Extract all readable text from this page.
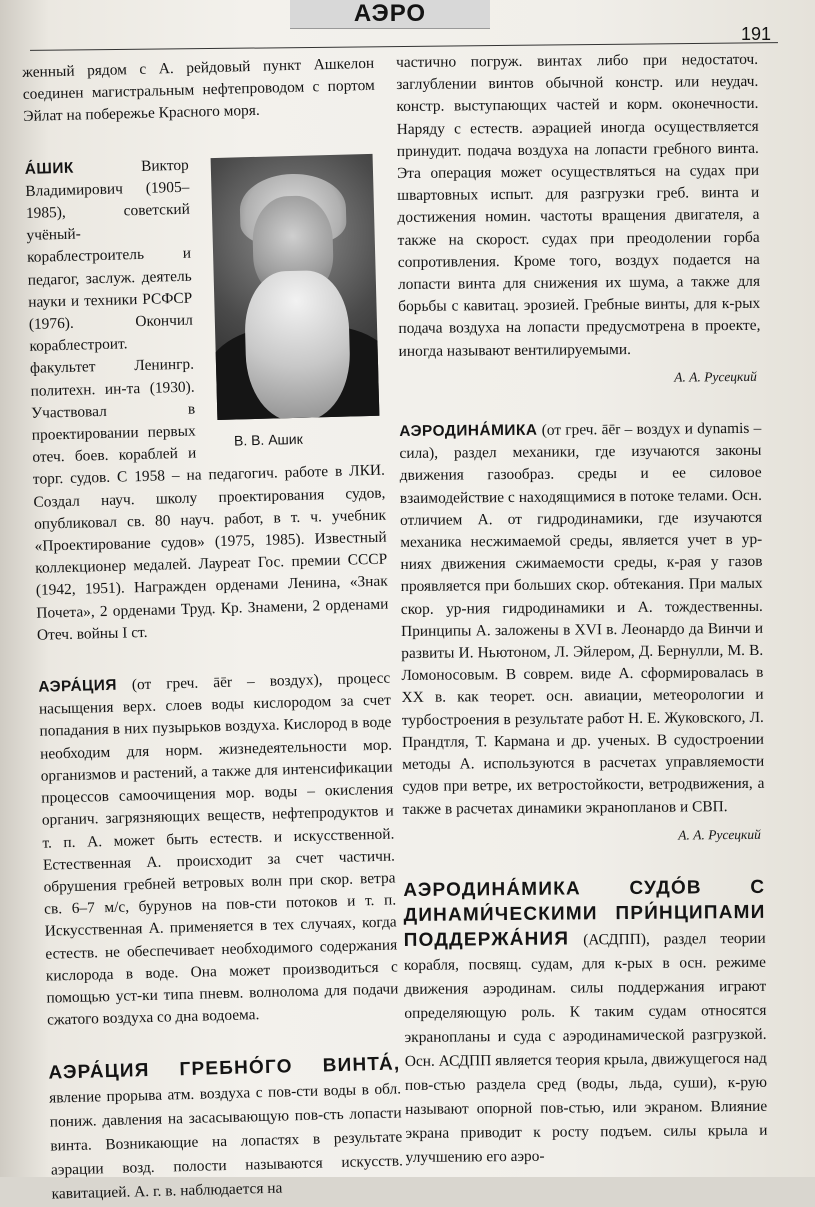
АЭРО
191

женный рядом с А. рейдовый пункт Ашкелон соединен магистральным нефтепроводом с портом Эйлат на побережье Красного моря.

В. В. Ашик

А́ШИК	Виктор Владимирович (1905–1985), советский учёный-кораблестроитель и педагог, заслуж. деятель науки и техники РСФСР (1976). Окончил кораблестроит. факультет Ленингр. политехн. ин-та (1930). Участвовал в проектировании первых отеч. боев. кораблей и торг. судов. С 1958 – на педагогич. работе в ЛКИ. Создал науч. школу проектирования судов, опубликовал св. 80 науч. работ, в т. ч. учебник «Проектирование судов» (1975, 1985). Известный коллекционер медалей. Лауреат Гос. премии СССР (1942, 1951). Награжден орденами Ленина, «Знак Почета», 2 орденами Труд. Кр. Знамени, 2 орденами Отеч. войны I ст.

АЭРА́ЦИЯ (от греч. āēr – воздух), процесс насыщения верх. слоев воды кислородом за счет попадания в них пузырьков воздуха. Кислород в воде необходим для норм. жизнедеятельности мор. организмов и растений, а также для интенсификации процессов самоочищения мор. воды – окисления органич. загрязняющих веществ, нефтепродуктов и т. п. А. может быть естеств. и искусственной. Естественная А. происходит за счет частичн. обрушения гребней ветровых волн при скор. ветра св. 6–7 м/с, бурунов на пов-сти потоков и т. п. Искусственная А. применяется в тех случаях, когда естеств. не обеспечивает необходимого содержания кислорода в воде. Она может производиться с помощью уст-ки типа пневм. волнолома для подачи сжатого воздуха со дна водоема.

АЭРА́ЦИЯ ГРЕБНО́ГО ВИНТА́, явление прорыва атм. воздуха с пов-сти воды в обл. пониж. давления на засасывающую пов-сть лопасти винта. Возникающие на лопастях в результате аэрации возд. полости называются искусств. кавитацией. А. г. в. наблюдается на

частично погруж. винтах либо при недостаточ. заглублении винтов обычной констр. или неудач. констр. выступающих частей и корм. оконечности. Наряду с естеств. аэрацией иногда осуществляется принудит. подача воздуха на лопасти гребного винта. Эта операция может осуществляться на судах при швартовных испыт. для разгрузки греб. винта и достижения номин. частоты вращения двигателя, а также на скорост. судах при преодолении горба сопротивления. Кроме того, воздух подается на лопасти винта для снижения их шума, а также для борьбы с кавитац. эрозией. Гребные винты, для к-рых подача воздуха на лопасти предусмотрена в проекте, иногда называют вентилируемыми.

А. А. Русецкий

АЭРОДИНА́МИКА (от греч. āēr – воздух и dynamis – сила), раздел механики, где изучаются законы движения газообраз. среды и ее силовое взаимодействие с находящимися в потоке телами. Осн. отличием А. от гидродинамики, где изучаются механика несжимаемой среды, является учет в ур-ниях движения сжимаемости среды, к-рая у газов проявляется при больших скор. обтекания. При малых скор. ур-ния гидродинамики и А. тождественны. Принципы А. заложены в XVI в. Леонардо да Винчи и развиты И. Ньютоном, Л. Эйлером, Д. Бернулли, М. В. Ломоносовым. В соврем. виде А. сформировалась в XX в. как теорет. осн. авиации, метеорологии и турбостроения в результате работ Н. Е. Жуковского, Л. Прандтля, Т. Кармана и др. ученых. В судостроении методы А. используются в расчетах управляемости судов при ветре, их ветростойкости, ветродвижения, а также в расчетах динамики экранопланов и СВП.

А. А. Русецкий

АЭРОДИНА́МИКА СУДО́В С ДИНАМИ́ЧЕСКИМИ ПРИ́НЦИПАМИ ПОДДЕРЖА́НИЯ (АСДПП), раздел теории корабля, посвящ. судам, для к-рых в осн. режиме движения аэродинам. силы поддержания играют определяющую роль. К таким судам относятся экранопланы и суда с аэродинамической разгрузкой. Осн. АСДПП является теория крыла, движущегося над пов-стью раздела сред (воды, льда, суши), к-рую называют опорной пов-стью, или экраном. Влияние экрана приводит к росту подъем. силы крыла и улучшению его аэро-
